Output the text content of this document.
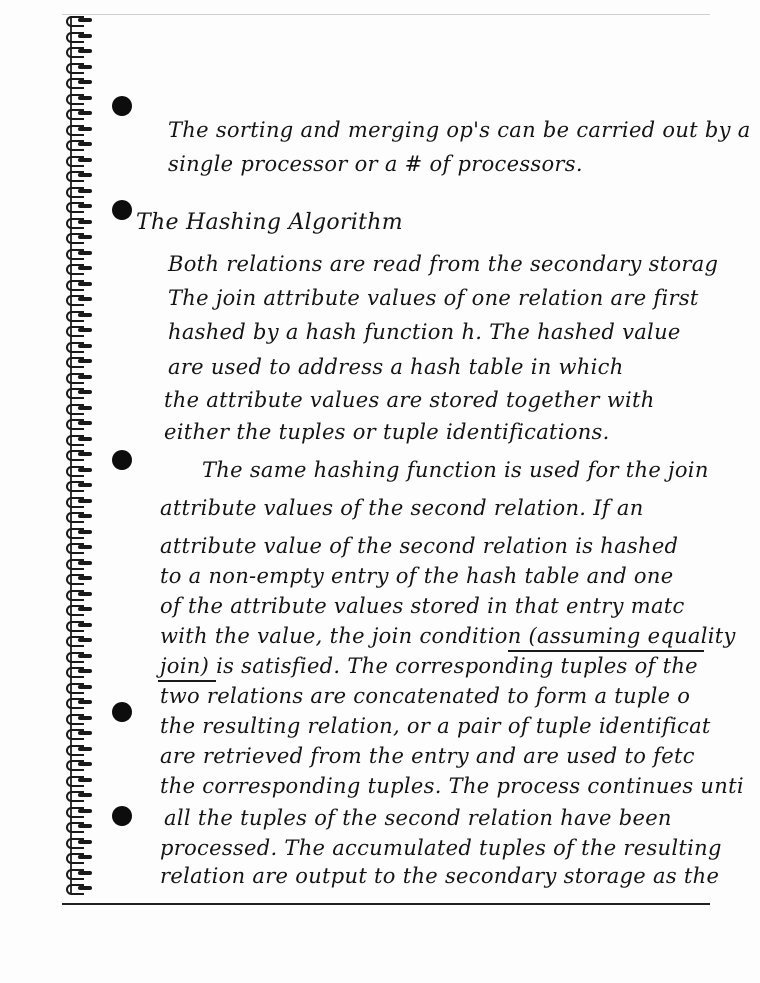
The sorting and merging op's can be carried out by a
single processor or a # of processors.
The Hashing Algorithm
Both relations are read from the secondary storag
The join attribute values of one relation are first
hashed by a hash function h. The hashed value
are used to address a hash table in which
the attribute values are stored together with
either the tuples or tuple identifications.
The same hashing function is used for the join
attribute values of the second relation. If an
attribute value of the second relation is hashed
to a non-empty entry of the hash table and one
of the attribute values stored in that entry matc
with the value, the join condition (assuming equality
join) is satisfied. The corresponding tuples of the
two relations are concatenated to form a tuple o
the resulting relation, or a pair of tuple identificat
are retrieved from the entry and are used to fetc
the corresponding tuples. The process continues unti
all the tuples of the second relation have been
processed. The accumulated tuples of the resulting
relation are output to the secondary storage as the
